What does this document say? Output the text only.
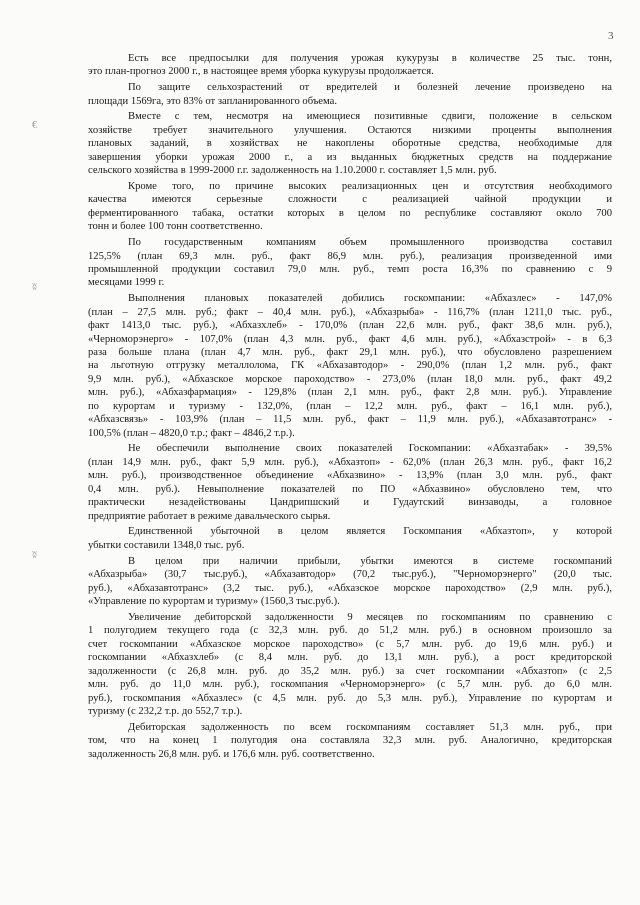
3
€
ʬ
ʬ
Есть все предпосылки для получения урожая кукурузы в количестве 25 тыс. тонн,
это план-прогноз 2000 г., в настоящее время уборка кукурузы продолжается.
По защите сельхозрастений от вредителей и болезней лечение произведено на
площади 1569га, это 83% от запланированного объема.
Вместе с тем, несмотря на имеющиеся позитивные сдвиги, положение в сельском
хозяйстве требует значительного улучшения. Остаются низкими проценты выполнения
плановых заданий, в хозяйствах не накоплены оборотные средства, необходимые для
завершения уборки урожая 2000 г., а из выданных бюджетных средств на поддержание
сельского хозяйства в 1999-2000 г.г. задолженность на 1.10.2000 г. составляет 1,5 млн. руб.
Кроме того, по причине высоких реализационных цен и отсутствия необходимого
качества имеются серьезные сложности с реализацией чайной продукции и
ферментированного табака, остатки которых в целом по республике составляют около 700
тонн и более 100 тонн соответственно.
По государственным компаниям объем промышленного производства составил
125,5% (план 69,3 млн. руб., факт 86,9 млн. руб.), реализация произведенной ими
промышленной продукции составил 79,0 млн. руб., темп роста 16,3% по сравнению с 9
месяцами 1999 г.
Выполнения плановых показателей добились госкомпании: «Абхазлес» - 147,0%
(план – 27,5 млн. руб.; факт – 40,4 млн. руб.), «Абхазрыба» - 116,7% (план 1211,0 тыс. руб.,
факт 1413,0 тыс. руб.), «Абхазхлеб» - 170,0% (план 22,6 млн. руб., факт 38,6 млн. руб.),
«Черноморэнерго» - 107,0% (план 4,3 млн. руб., факт 4,6 млн. руб.), «Абхазстрой» - в 6,3
раза больше плана (план 4,7 млн. руб., факт 29,1 млн. руб.), что обусловлено разрешением
на льготную отгрузку металлолома, ГК «Абхазавтодор» - 290,0% (план 1,2 млн. руб., факт
9,9 млн. руб.), «Абхазское морское пароходство» - 273,0% (план 18,0 млн. руб., факт 49,2
млн. руб.), «Абхазфармация» - 129,8% (план 2,1 млн. руб., факт 2,8 млн. руб.). Управление
по курортам и туризму - 132,0%, (план – 12,2 млн. руб., факт – 16,1 млн. руб.),
«Абхазсвязь» - 103,9% (план – 11,5 млн. руб., факт – 11,9 млн. руб.), «Абхазавтотранс» -
100,5% (план – 4820,0 т.р.; факт – 4846,2 т.р.).
Не обеспечили выполнение своих показателей Госкомпании: «Абхазтабак» - 39,5%
(план 14,9 млн. руб., факт 5,9 млн. руб.), «Абхазтоп» - 62,0% (план 26,3 млн. руб., факт 16,2
млн. руб.), производственное объединение «Абхазвино» - 13,9% (план 3,0 млн. руб., факт
0,4 млн. руб.). Невыполнение показателей по ПО «Абхазвино» обусловлено тем, что
практически незадействованы Цандрипшский и Гудаутский винзаводы, а головное
предприятие работает в режиме давальческого сырья.
Единственной убыточной в целом является Госкомпания «Абхазтоп», у которой
убытки составили 1348,0 тыс. руб.
В целом при наличии прибыли, убытки имеются в системе госкомпаний
«Абхазрыба» (30,7 тыс.руб.), «Абхазавтодор» (70,2 тыс.руб.), "Черноморэнерго" (20,0 тыс.
руб.), «Абхазавтотранс» (3,2 тыс. руб.), «Абхазское морское пароходство» (2,9 млн. руб.),
«Управление по курортам и туризму» (1560,3 тыс.руб.).
Увеличение дебиторской задолженности 9 месяцев по госкомпаниям по сравнению с
1 полугодием текущего года (с 32,3 млн. руб. до 51,2 млн. руб.) в основном произошло за
счет госкомпании «Абхазское морское пароходство» (с 5,7 млн. руб. до 19,6 млн. руб.) и
госкомпании «Абхазхлеб» (с 8,4 млн. руб. до 13,1 млн. руб.), а рост кредиторской
задолженности (с 26,8 млн. руб. до 35,2 млн. руб.) за счет госкомпании «Абхазтоп» (с 2,5
млн. руб. до 11,0 млн. руб.), госкомпания «Черноморэнерго» (с 5,7 млн. руб. до 6,0 млн.
руб.), госкомпания «Абхазлес» (с 4,5 млн. руб. до 5,3 млн. руб.), Управление по курортам и
туризму (с 232,2 т.р. до 552,7 т.р.).
Дебиторская задолженность по всем госкомпаниям составляет 51,3 млн. руб., при
том, что на конец 1 полугодия она составляла 32,3 млн. руб. Аналогично, кредиторская
задолженность 26,8 млн. руб. и 176,6 млн. руб. соответственно.
